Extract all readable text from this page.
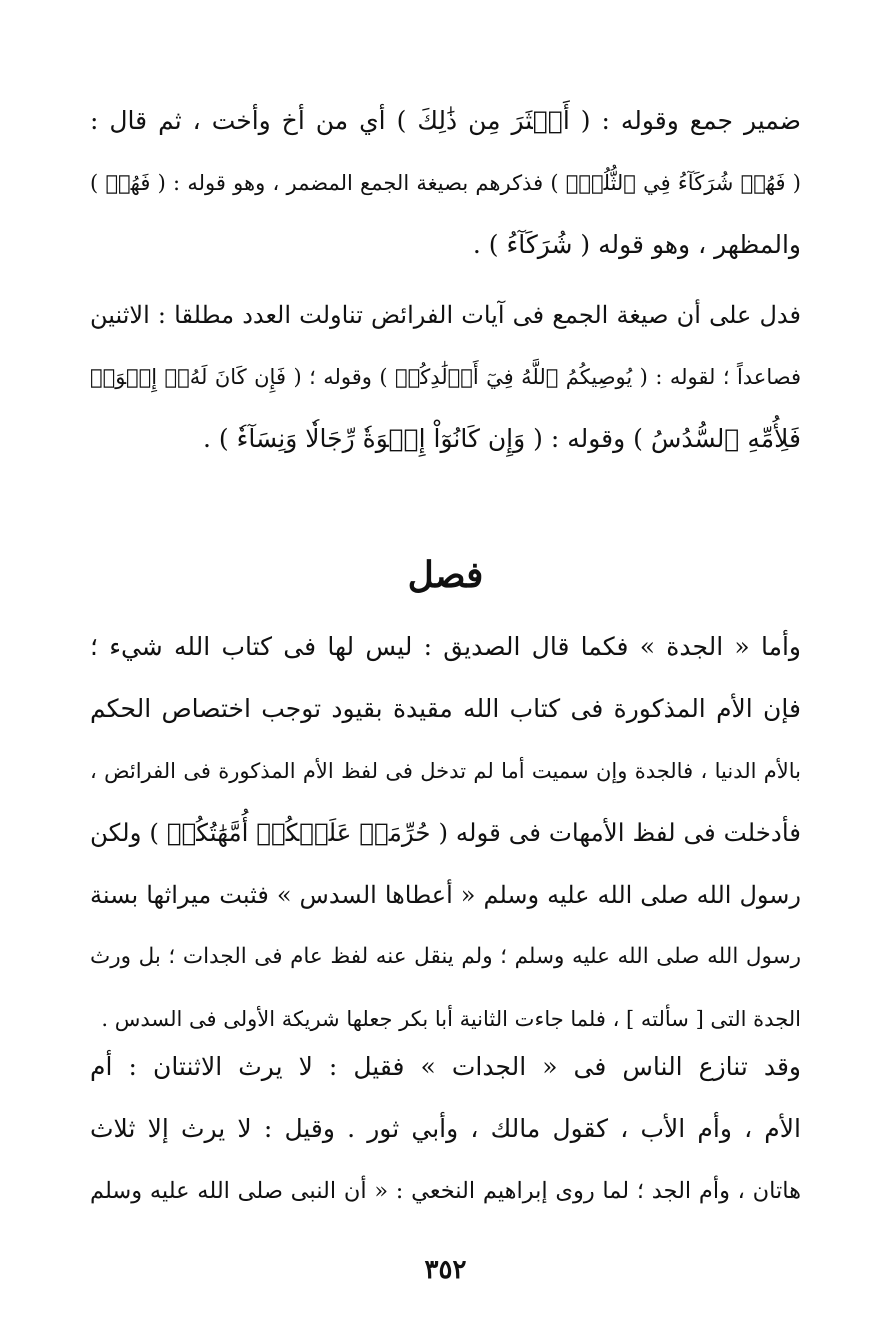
ضمير جمع وقوله : ( أَكۡثَرَ مِن ذَٰلِكَ ) أي من أخ وأخت ، ثم قال :
( فَهُمۡ شُرَكَآءُ فِي ٱلثُّلُثِۚ ) فذكرهم بصيغة الجمع المضمر ، وهو قوله : ( فَهُمۡ )
والمظهر ، وهو قوله ( شُرَكَآءُ ) .
فدل على أن صيغة الجمع فى آيات الفرائض تناولت العدد مطلقا : الاثنين
فصاعداً ؛ لقوله : ( يُوصِيكُمُ ٱللَّهُ فِيٓ أَوۡلَٰدِكُمۡ ) وقوله ؛ ( فَإِن كَانَ لَهُۥٓ إِخۡوَةٞ
فَلِأُمِّهِ ٱلسُّدُسُ ) وقوله : ( وَإِن كَانُوٓاْ إِخۡوَةٗ رِّجَالٗا وَنِسَآءٗ ) .
فصل
وأما « الجدة » فكما قال الصديق : ليس لها فى كتاب الله شيء ؛
فإن الأم المذكورة فى كتاب الله مقيدة بقيود توجب اختصاص الحكم
بالأم الدنيا ، فالجدة وإن سميت أما لم تدخل فى لفظ الأم المذكورة فى الفرائض ،
فأدخلت فى لفظ الأمهات فى قوله ( حُرِّمَتۡ عَلَيۡكُمۡ أُمَّهَٰتُكُمۡ ) ولكن
رسول الله صلى الله عليه وسلم « أعطاها السدس » فثبت ميراثها بسنة
رسول الله صلى الله عليه وسلم ؛ ولم ينقل عنه لفظ عام فى الجدات ؛ بل ورث
الجدة التى [ سألته ] ، فلما جاءت الثانية أبا بكر جعلها شريكة الأولى فى السدس .
وقد تنازع الناس فى « الجدات » فقيل : لا يرث الاثنتان : أم
الأم ، وأم الأب ، كقول مالك ، وأبي ثور . وقيل : لا يرث إلا ثلاث
هاتان ، وأم الجد ؛ لما روى إبراهيم النخعي : « أن النبى صلى الله عليه وسلم
٣٥٢
